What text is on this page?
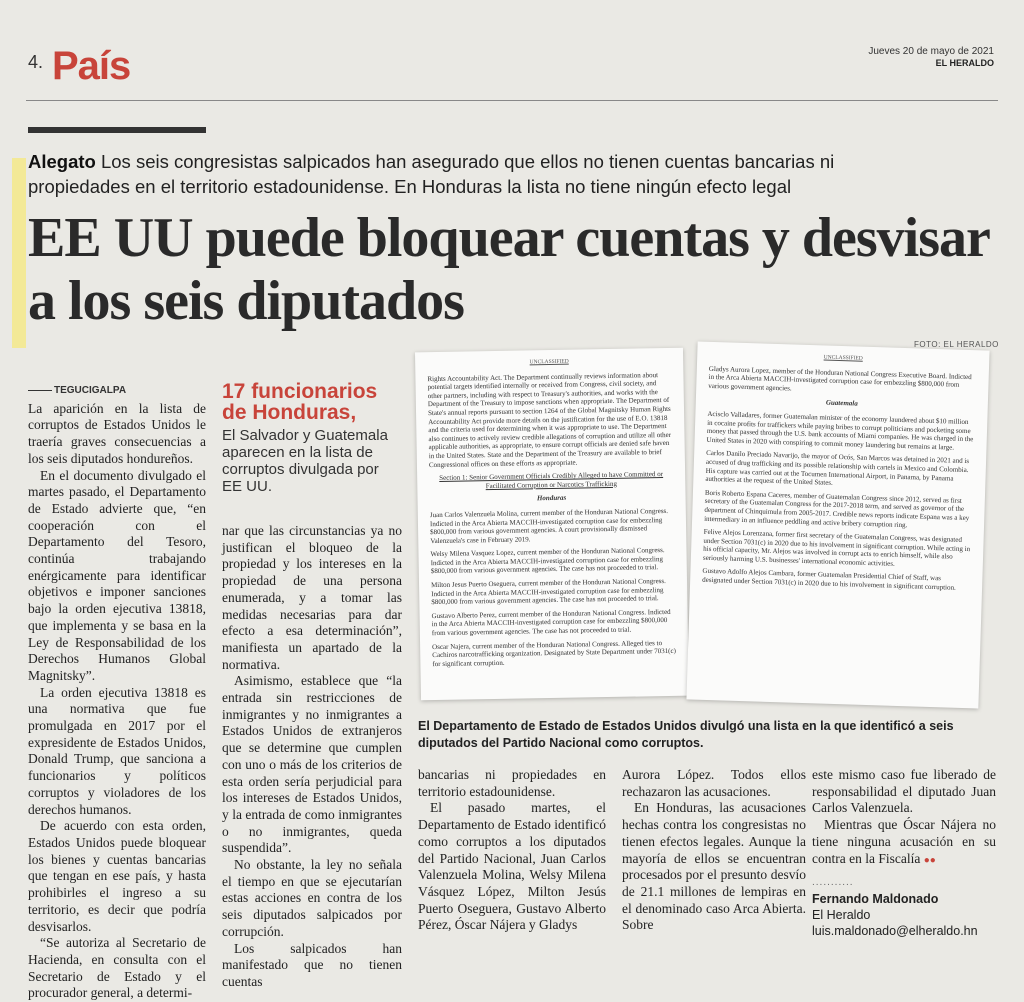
4. País	Jueves 20 de mayo de 2021
EL HERALDO
Alegato Los seis congresistas salpicados han asegurado que ellos no tienen cuentas bancarias ni propiedades en el territorio estadounidense. En Honduras la lista no tiene ningún efecto legal
EE UU puede bloquear cuentas y desvisar a los seis diputados
FOTO: EL HERALDO
TEGUCIGALPA

La aparición en la lista de corruptos de Estados Unidos le traería graves consecuencias a los seis diputados hondureños.

En el documento divulgado el martes pasado, el Departamento de Estado advierte que, “en cooperación con el Departamento del Tesoro, continúa trabajando enérgicamente para identificar objetivos e imponer sanciones bajo la orden ejecutiva 13818, que implementa y se basa en la Ley de Responsabilidad de los Derechos Humanos Global Magnitsky”.

La orden ejecutiva 13818 es una normativa que fue promulgada en 2017 por el expresidente de Estados Unidos, Donald Trump, que sanciona a funcionarios y políticos corruptos y violadores de los derechos humanos.

De acuerdo con esta orden, Estados Unidos puede bloquear los bienes y cuentas bancarias que tengan en ese país, y hasta prohibirles el ingreso a su territorio, es decir que podría desvisarlos.

“Se autoriza al Secretario de Hacienda, en consulta con el Secretario de Estado y el procurador general, a determi-

17 funcionarios de Honduras,
El Salvador y Guatemala aparecen en la lista de corruptos divulgada por EE UU.

nar que las circunstancias ya no justifican el bloqueo de la propiedad y los intereses en la propiedad de una persona enumerada, y a tomar las medidas necesarias para dar efecto a esa determinación”, manifiesta un apartado de la normativa.

Asimismo, establece que “la entrada sin restricciones de inmigrantes y no inmigrantes a Estados Unidos de extranjeros que se determine que cumplen con uno o más de los criterios de esta orden sería perjudicial para los intereses de Estados Unidos, y la entrada de como inmigrantes o no inmigrantes, queda suspendida”.

No obstante, la ley no señala el tiempo en que se ejecutarían estas acciones en contra de los seis diputados salpicados por corrupción.

Los salpicados han manifestado que no tienen cuentas

UNCLASSIFIED

Rights Accountability Act. The Department continually reviews information about potential targets identified internally or received from Congress, civil society, and other partners, including with respect to Treasury's authorities, and works with the Department of the Treasury to impose sanctions when appropriate. The Department of State's annual reports pursuant to section 1264 of the Global Magnitsky Human Rights Accountability Act provide more details on the justification for the use of E.O. 13818 and the criteria used for determining when it was appropriate to use. The Department also continues to actively review credible allegations of corruption and utilize all other applicable authorities, as appropriate, to ensure corrupt officials are denied safe haven in the United States. State and the Department of the Treasury are available to brief Congressional offices on these efforts as appropriate.

Section 1: Senior Government Officials Credibly Alleged to have Committed or Facilitated Corruption or Narcotics Trafficking
Honduras

Juan Carlos Valenzuela Molina, current member of the Honduran National Congress. Indicted in the Arca Abierta MACCIH-investigated corruption case for embezzling $800,000 from various government agencies. A court provisionally dismissed Valenzuela's case in February 2019.

Welsy Milena Vasquez Lopez, current member of the Honduran National Congress. Indicted in the Arca Abierta MACCIH-investigated corruption case for embezzling $800,000 from various government agencies. The case has not proceeded to trial.

Milton Jesus Puerto Oseguera, current member of the Honduran National Congress. Indicted in the Arca Abierta MACCIH-investigated corruption case for embezzling $800,000 from various government agencies. The case has not proceeded to trial.

Gustavo Alberto Perez, current member of the Honduran National Congress. Indicted in the Arca Abierta MACCIH-investigated corruption case for embezzling $800,000 from various government agencies. The case has not proceeded to trial.

Oscar Najera, current member of the Honduran National Congress. Alleged ties to Cachiros narcotrafficking organization. Designated by State Department under 7031(c) for significant corruption.

UNCLASSIFIED

Gladys Aurora Lopez, member of the Honduran National Congress Executive Board. Indicted in the Arca Abierta MACCIH-investigated corruption case for embezzling $800,000 from various government agencies.

Guatemala

Acisclo Valladares, former Guatemalan minister of the economy laundered about $10 million in cocaine profits for traffickers while paying bribes to corrupt politicians and pocketing some money that passed through the U.S. bank accounts of Miami companies. He was charged in the United States in 2020 with conspiring to commit money laundering but remains at large.

Carlos Danilo Preciado Navarijo, the mayor of Ocós, San Marcos was detained in 2021 and is accused of drug trafficking and its possible relationship with cartels in Mexico and Colombia. His capture was carried out at the Tocumen International Airport, in Panama, by Panama authorities at the request of the United States.

Boris Roberto Espana Caceres, member of Guatemalan Congress since 2012, served as first secretary of the Guatemalan Congress for the 2017-2018 term, and served as governor of the department of Chinquimula from 2005-2017. Credible news reports indicate Espana was a key intermediary in an influence peddling and active bribery corruption ring.

Felive Alejos Lorenzana, former first secretary of the Guatemalan Congress, was designated under Section 7031(c) in 2020 due to his involvement in significant corruption. While acting in his official capacity, Mr. Alejos was involved in corrupt acts to enrich himself, while also seriously harming U.S. businesses' international economic activities.

Gustavo Adolfo Alejos Cambara, former Guatemalan Presidential Chief of Staff, was designated under Section 7031(c) in 2020 due to his involvement in significant corruption.

El Departamento de Estado de Estados Unidos divulgó una lista en la que identificó a seis diputados del Partido Nacional como corruptos.

bancarias ni propiedades en territorio estadounidense.

El pasado martes, el Departamento de Estado identificó como corruptos a los diputados del Partido Nacional, Juan Carlos Valenzuela Molina, Welsy Milena Vásquez López, Milton Jesús Puerto Oseguera, Gustavo Alberto Pérez, Óscar Nájera y Gladys

Aurora López. Todos ellos rechazaron las acusaciones.

En Honduras, las acusaciones hechas contra los congresistas no tienen efectos legales. Aunque la mayoría de ellos se encuentran procesados por el presunto desvío de 21.1 millones de lempiras en el denominado caso Arca Abierta. Sobre

este mismo caso fue liberado de responsabilidad el diputado Juan Carlos Valenzuela.

Mientras que Óscar Nájera no tiene ninguna acusación en su contra en la Fiscalía ●●

...........
Fernando Maldonado
El Heraldo
luis.maldonado@elheraldo.hn
